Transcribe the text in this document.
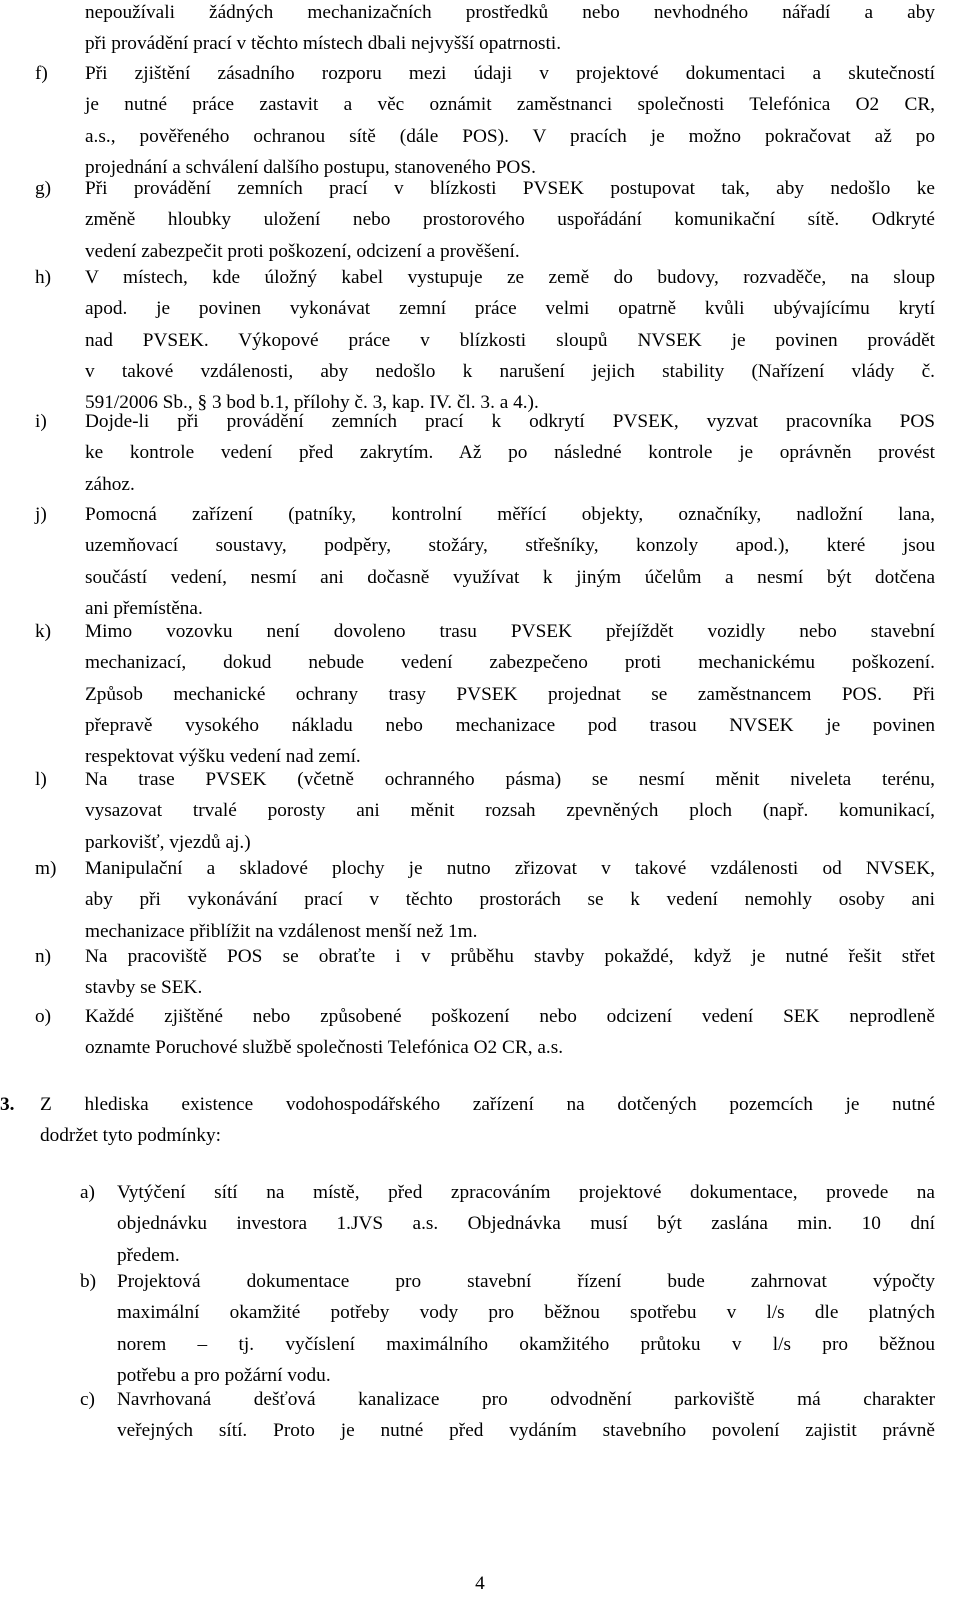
nepoužívali žádných mechanizačních prostředků nebo nevhodného nářadí a aby
při provádění prací v těchto místech dbali nejvyšší opatrnosti.
f)	Při zjištění zásadního rozporu mezi údaji v projektové dokumentaci a skutečností
je nutné práce zastavit a věc oznámit zaměstnanci společnosti Telefónica O2 CR,
a.s., pověřeného ochranou sítě (dále POS). V pracích je možno pokračovat až po
projednání a schválení dalšího postupu, stanoveného POS.
g)	Při provádění zemních prací v blízkosti PVSEK postupovat tak, aby nedošlo ke
změně hloubky uložení nebo prostorového uspořádání komunikační sítě. Odkryté
vedení zabezpečit proti poškození, odcizení a prověšení.
h)	V místech, kde úložný kabel vystupuje ze země do budovy, rozvaděče, na sloup
apod. je povinen vykonávat zemní práce velmi opatrně kvůli ubývajícímu krytí
nad PVSEK. Výkopové práce v blízkosti sloupů NVSEK je povinen provádět
v takové vzdálenosti, aby nedošlo k narušení jejich stability (Nařízení vlády č.
591/2006 Sb., § 3 bod b.1, přílohy č. 3, kap. IV. čl. 3. a 4.).
i)	Dojde-li při provádění zemních prací k odkrytí PVSEK, vyzvat pracovníka POS
ke kontrole vedení před zakrytím. Až po následné kontrole je oprávněn provést
zához.
j)	Pomocná zařízení (patníky, kontrolní měřící objekty, označníky, nadložní lana,
uzemňovací soustavy, podpěry, stožáry, střešníky, konzoly apod.), které jsou
součástí vedení, nesmí ani dočasně využívat k jiným účelům a nesmí být dotčena
ani přemístěna.
k)	Mimo vozovku není dovoleno trasu PVSEK přejíždět vozidly nebo stavební
mechanizací, dokud nebude vedení zabezpečeno proti mechanickému poškození.
Způsob mechanické ochrany trasy PVSEK projednat se zaměstnancem POS. Při
přepravě vysokého nákladu nebo mechanizace pod trasou NVSEK je povinen
respektovat výšku vedení nad zemí.
l)	Na trase PVSEK (včetně ochranného pásma) se nesmí měnit niveleta terénu,
vysazovat trvalé porosty ani měnit rozsah zpevněných ploch (např. komunikací,
parkovišť, vjezdů aj.)
m)	Manipulační a skladové plochy je nutno zřizovat v takové vzdálenosti od NVSEK,
aby při vykonávání prací v těchto prostorách se k vedení nemohly osoby ani
mechanizace přiblížit na vzdálenost menší než 1m.
n)	Na pracoviště POS se obraťte i v průběhu stavby pokaždé, když je nutné řešit střet
stavby se SEK.
o)	Každé zjištěné nebo způsobené poškození nebo odcizení vedení SEK neprodleně
oznamte Poruchové službě společnosti Telefónica O2 CR, a.s.
3. Z hlediska existence vodohospodářského zařízení na dotčených pozemcích je nutné
dodržet tyto podmínky:
a)	Vytýčení sítí na místě, před zpracováním projektové dokumentace, provede na
objednávku investora 1.JVS a.s. Objednávka musí být zaslána min. 10 dní
předem.
b)	Projektová dokumentace pro stavební řízení bude zahrnovat výpočty
maximální okamžité potřeby vody pro běžnou spotřebu v l/s dle platných
norem – tj. vyčíslení maximálního okamžitého průtoku v l/s pro běžnou
potřebu a pro požární vodu.
c)	Navrhovaná dešťová kanalizace pro odvodnění parkoviště má charakter
veřejných sítí. Proto je nutné před vydáním stavebního povolení zajistit právně
4
